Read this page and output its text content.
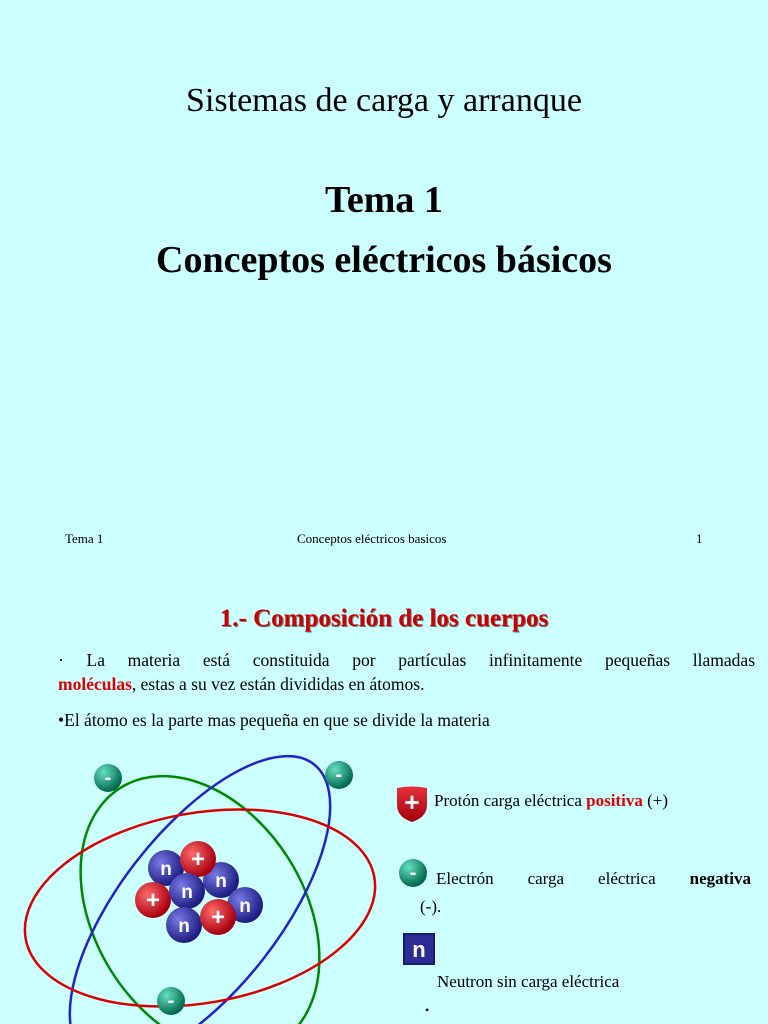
Sistemas de carga y arranque
Tema 1
Conceptos eléctricos básicos
Tema 1	Conceptos eléctricos basicos	1
1.- Composición de los cuerpos
· La materia está constituida por partículas infinitamente pequeñas llamadas
moléculas, estas a su vez están divididas en átomos.
•El átomo es la parte mas pequeña en que se divide la materia
n
n
+
n
+ n
n +
-	-
-
+ Protón carga eléctrica positiva (+)
- Electrón carga eléctrica negativa
(-).
n
Neutron sin carga eléctrica
•
